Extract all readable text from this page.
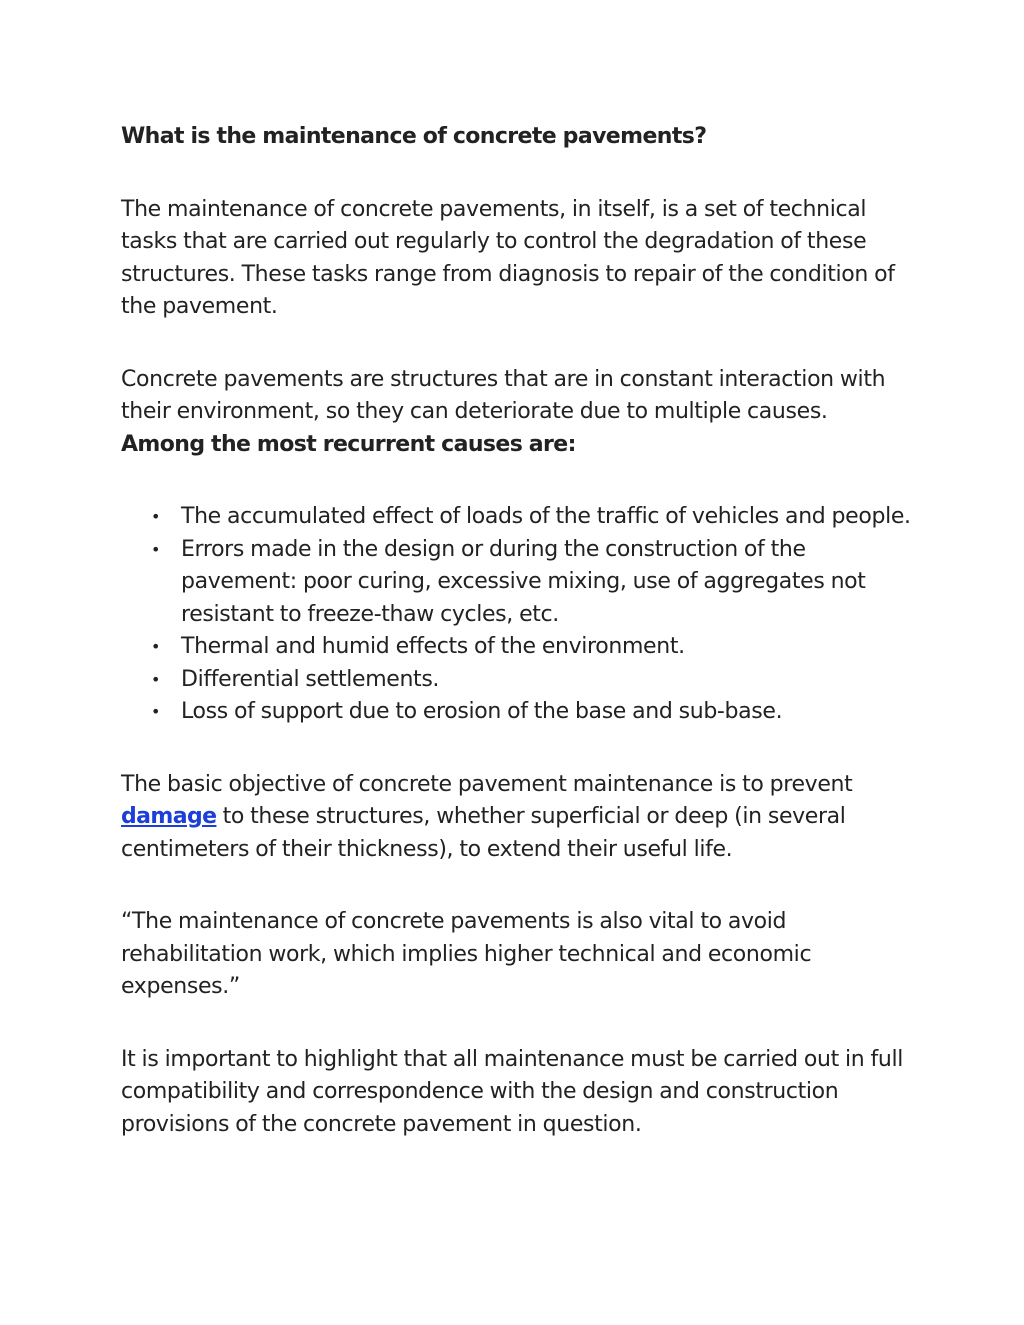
What is the maintenance of concrete pavements?

The maintenance of concrete pavements, in itself, is a set of technical tasks that are carried out regularly to control the degradation of these structures. These tasks range from diagnosis to repair of the condition of the pavement.

Concrete pavements are structures that are in constant interaction with their environment, so they can deteriorate due to multiple causes. Among the most recurrent causes are:

• The accumulated effect of loads of the traffic of vehicles and people.
• Errors made in the design or during the construction of the pavement: poor curing, excessive mixing, use of aggregates not resistant to freeze-thaw cycles, etc.
• Thermal and humid effects of the environment.
• Differential settlements.
• Loss of support due to erosion of the base and sub-base.

The basic objective of concrete pavement maintenance is to prevent damage to these structures, whether superficial or deep (in several centimeters of their thickness), to extend their useful life.

“The maintenance of concrete pavements is also vital to avoid rehabilitation work, which implies higher technical and economic expenses.”

It is important to highlight that all maintenance must be carried out in full compatibility and correspondence with the design and construction provisions of the concrete pavement in question.
